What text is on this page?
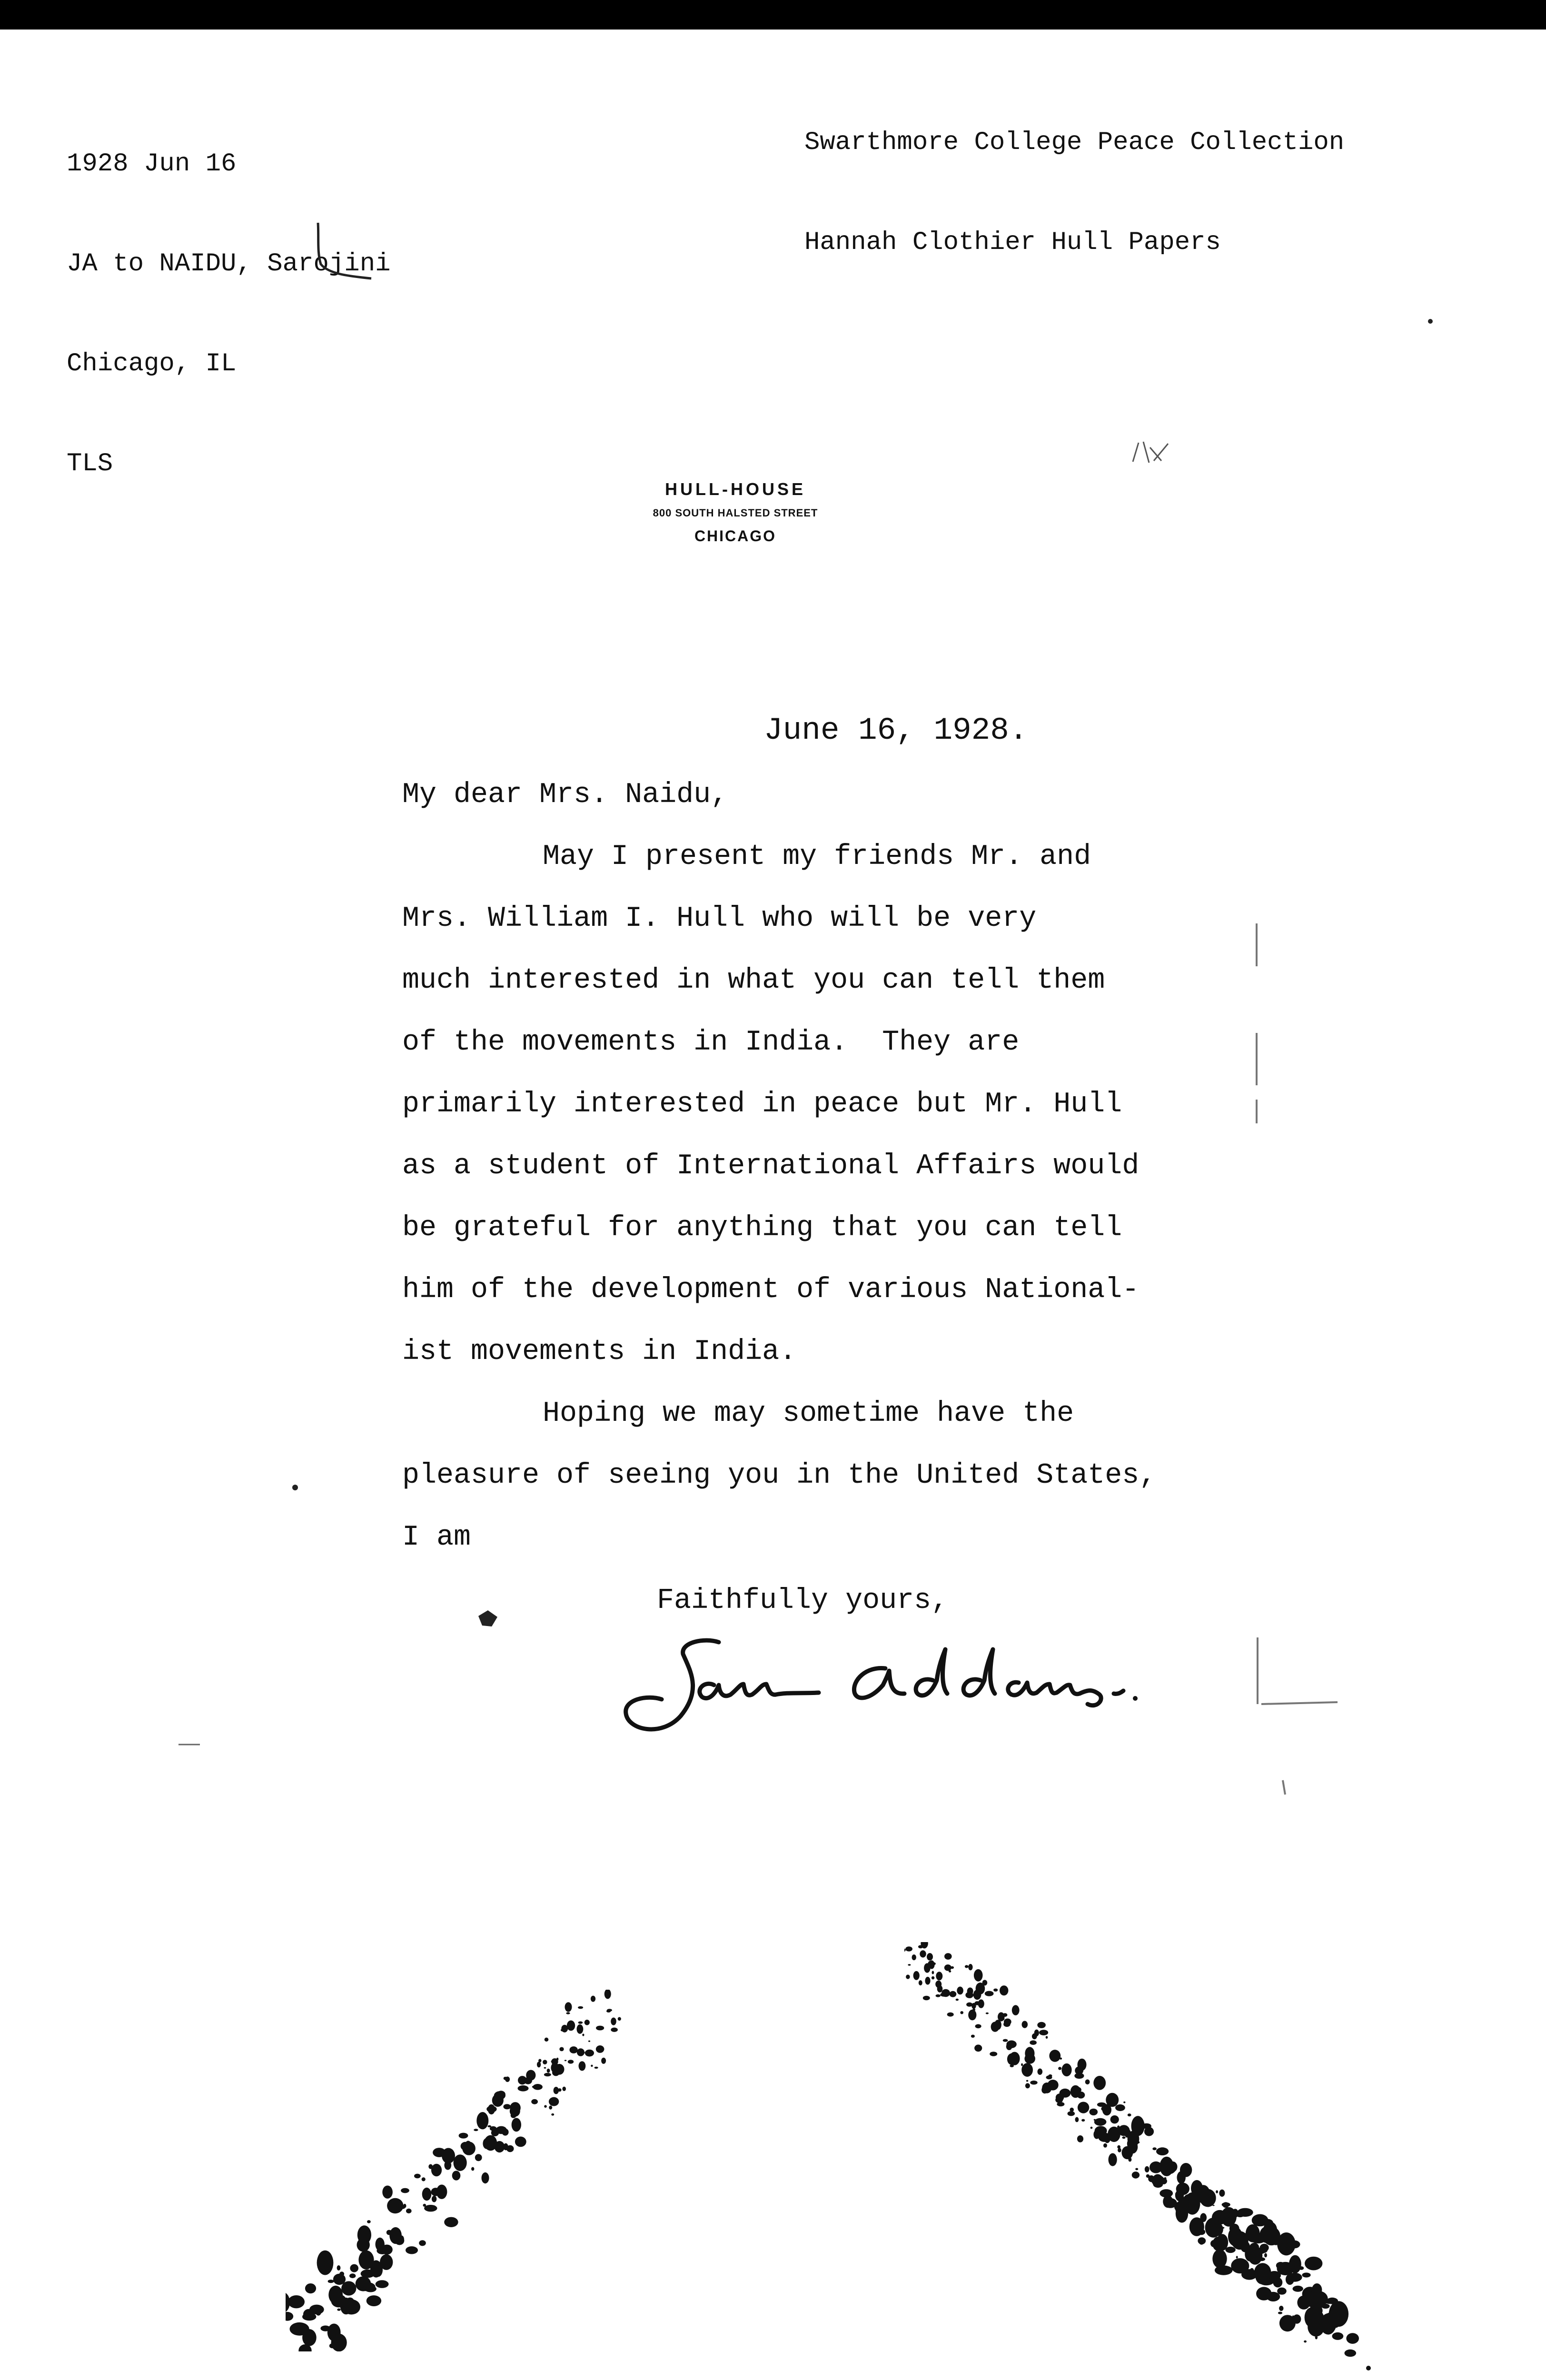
1928 Jun 16

JA to NAIDU, Sarojini

Chicago, IL

TLS

Swarthmore College Peace Collection

Hannah Clothier Hull Papers

HULL-HOUSE
800 SOUTH HALSTED STREET
CHICAGO
June 16, 1928.
My dear Mrs. Naidu,
May I present my friends Mr. and
Mrs. William I. Hull who will be very
much interested in what you can tell them
of the movements in India.  They are
primarily interested in peace but Mr. Hull
as a student of International Affairs would
be grateful for anything that you can tell
him of the development of various National-
ist movements in India.
Hoping we may sometime have the
pleasure of seeing you in the United States,
I am
Faithfully yours,
